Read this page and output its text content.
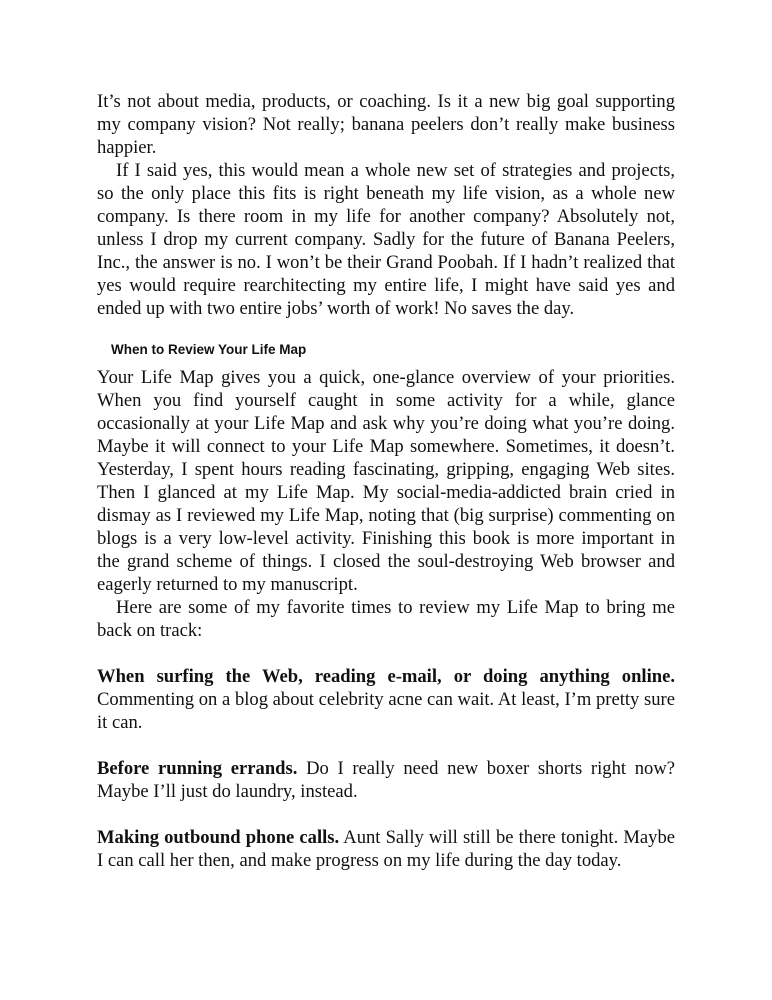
It’s not about media, products, or coaching. Is it a new big goal supporting my company vision? Not really; banana peelers don’t really make business happier.

If I said yes, this would mean a whole new set of strategies and projects, so the only place this fits is right beneath my life vision, as a whole new company. Is there room in my life for another company? Absolutely not, unless I drop my current company. Sadly for the future of Banana Peelers, Inc., the answer is no. I won’t be their Grand Poobah. If I hadn’t realized that yes would require rearchitecting my entire life, I might have said yes and ended up with two entire jobs’ worth of work! No saves the day.

When to Review Your Life Map

Your Life Map gives you a quick, one-glance overview of your priorities. When you find yourself caught in some activity for a while, glance occasionally at your Life Map and ask why you’re doing what you’re doing. Maybe it will connect to your Life Map somewhere. Sometimes, it doesn’t. Yesterday, I spent hours reading fascinating, gripping, engaging Web sites. Then I glanced at my Life Map. My social-media-addicted brain cried in dismay as I reviewed my Life Map, noting that (big surprise) commenting on blogs is a very low-level activity. Finishing this book is more important in the grand scheme of things. I closed the soul-destroying Web browser and eagerly returned to my manuscript.

Here are some of my favorite times to review my Life Map to bring me back on track:

When surfing the Web, reading e-mail, or doing anything online. Commenting on a blog about celebrity acne can wait. At least, I’m pretty sure it can.

Before running errands. Do I really need new boxer shorts right now? Maybe I’ll just do laundry, instead.

Making outbound phone calls. Aunt Sally will still be there tonight. Maybe I can call her then, and make progress on my life during the day today.
